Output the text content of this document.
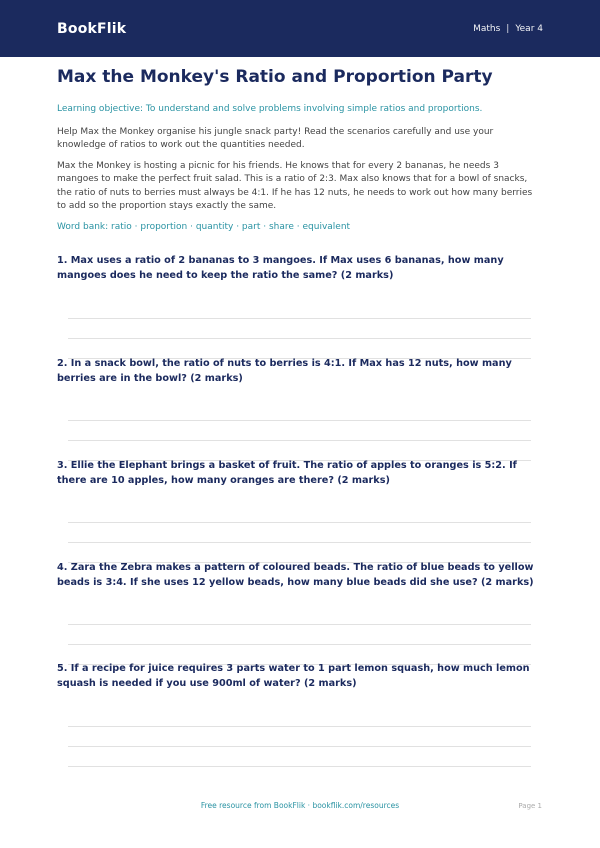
BookFlik	Maths | Year 4
Max the Monkey's Ratio and Proportion Party

Learning objective: To understand and solve problems involving simple ratios and proportions.

Help Max the Monkey organise his jungle snack party! Read the scenarios carefully and use your knowledge of ratios to work out the quantities needed.

Max the Monkey is hosting a picnic for his friends. He knows that for every 2 bananas, he needs 3 mangoes to make the perfect fruit salad. This is a ratio of 2:3. Max also knows that for a bowl of snacks, the ratio of nuts to berries must always be 4:1. If he has 12 nuts, he needs to work out how many berries to add so the proportion stays exactly the same.

Word bank: ratio · proportion · quantity · part · share · equivalent

1. Max uses a ratio of 2 bananas to 3 mangoes. If Max uses 6 bananas, how many mangoes does he need to keep the ratio the same? (2 marks)

2. In a snack bowl, the ratio of nuts to berries is 4:1. If Max has 12 nuts, how many berries are in the bowl? (2 marks)

3. Ellie the Elephant brings a basket of fruit. The ratio of apples to oranges is 5:2. If there are 10 apples, how many oranges are there? (2 marks)

4. Zara the Zebra makes a pattern of coloured beads. The ratio of blue beads to yellow beads is 3:4. If she uses 12 yellow beads, how many blue beads did she use? (2 marks)

5. If a recipe for juice requires 3 parts water to 1 part lemon squash, how much lemon squash is needed if you use 900ml of water? (2 marks)

Free resource from BookFlik · bookflik.com/resources	Page 1
